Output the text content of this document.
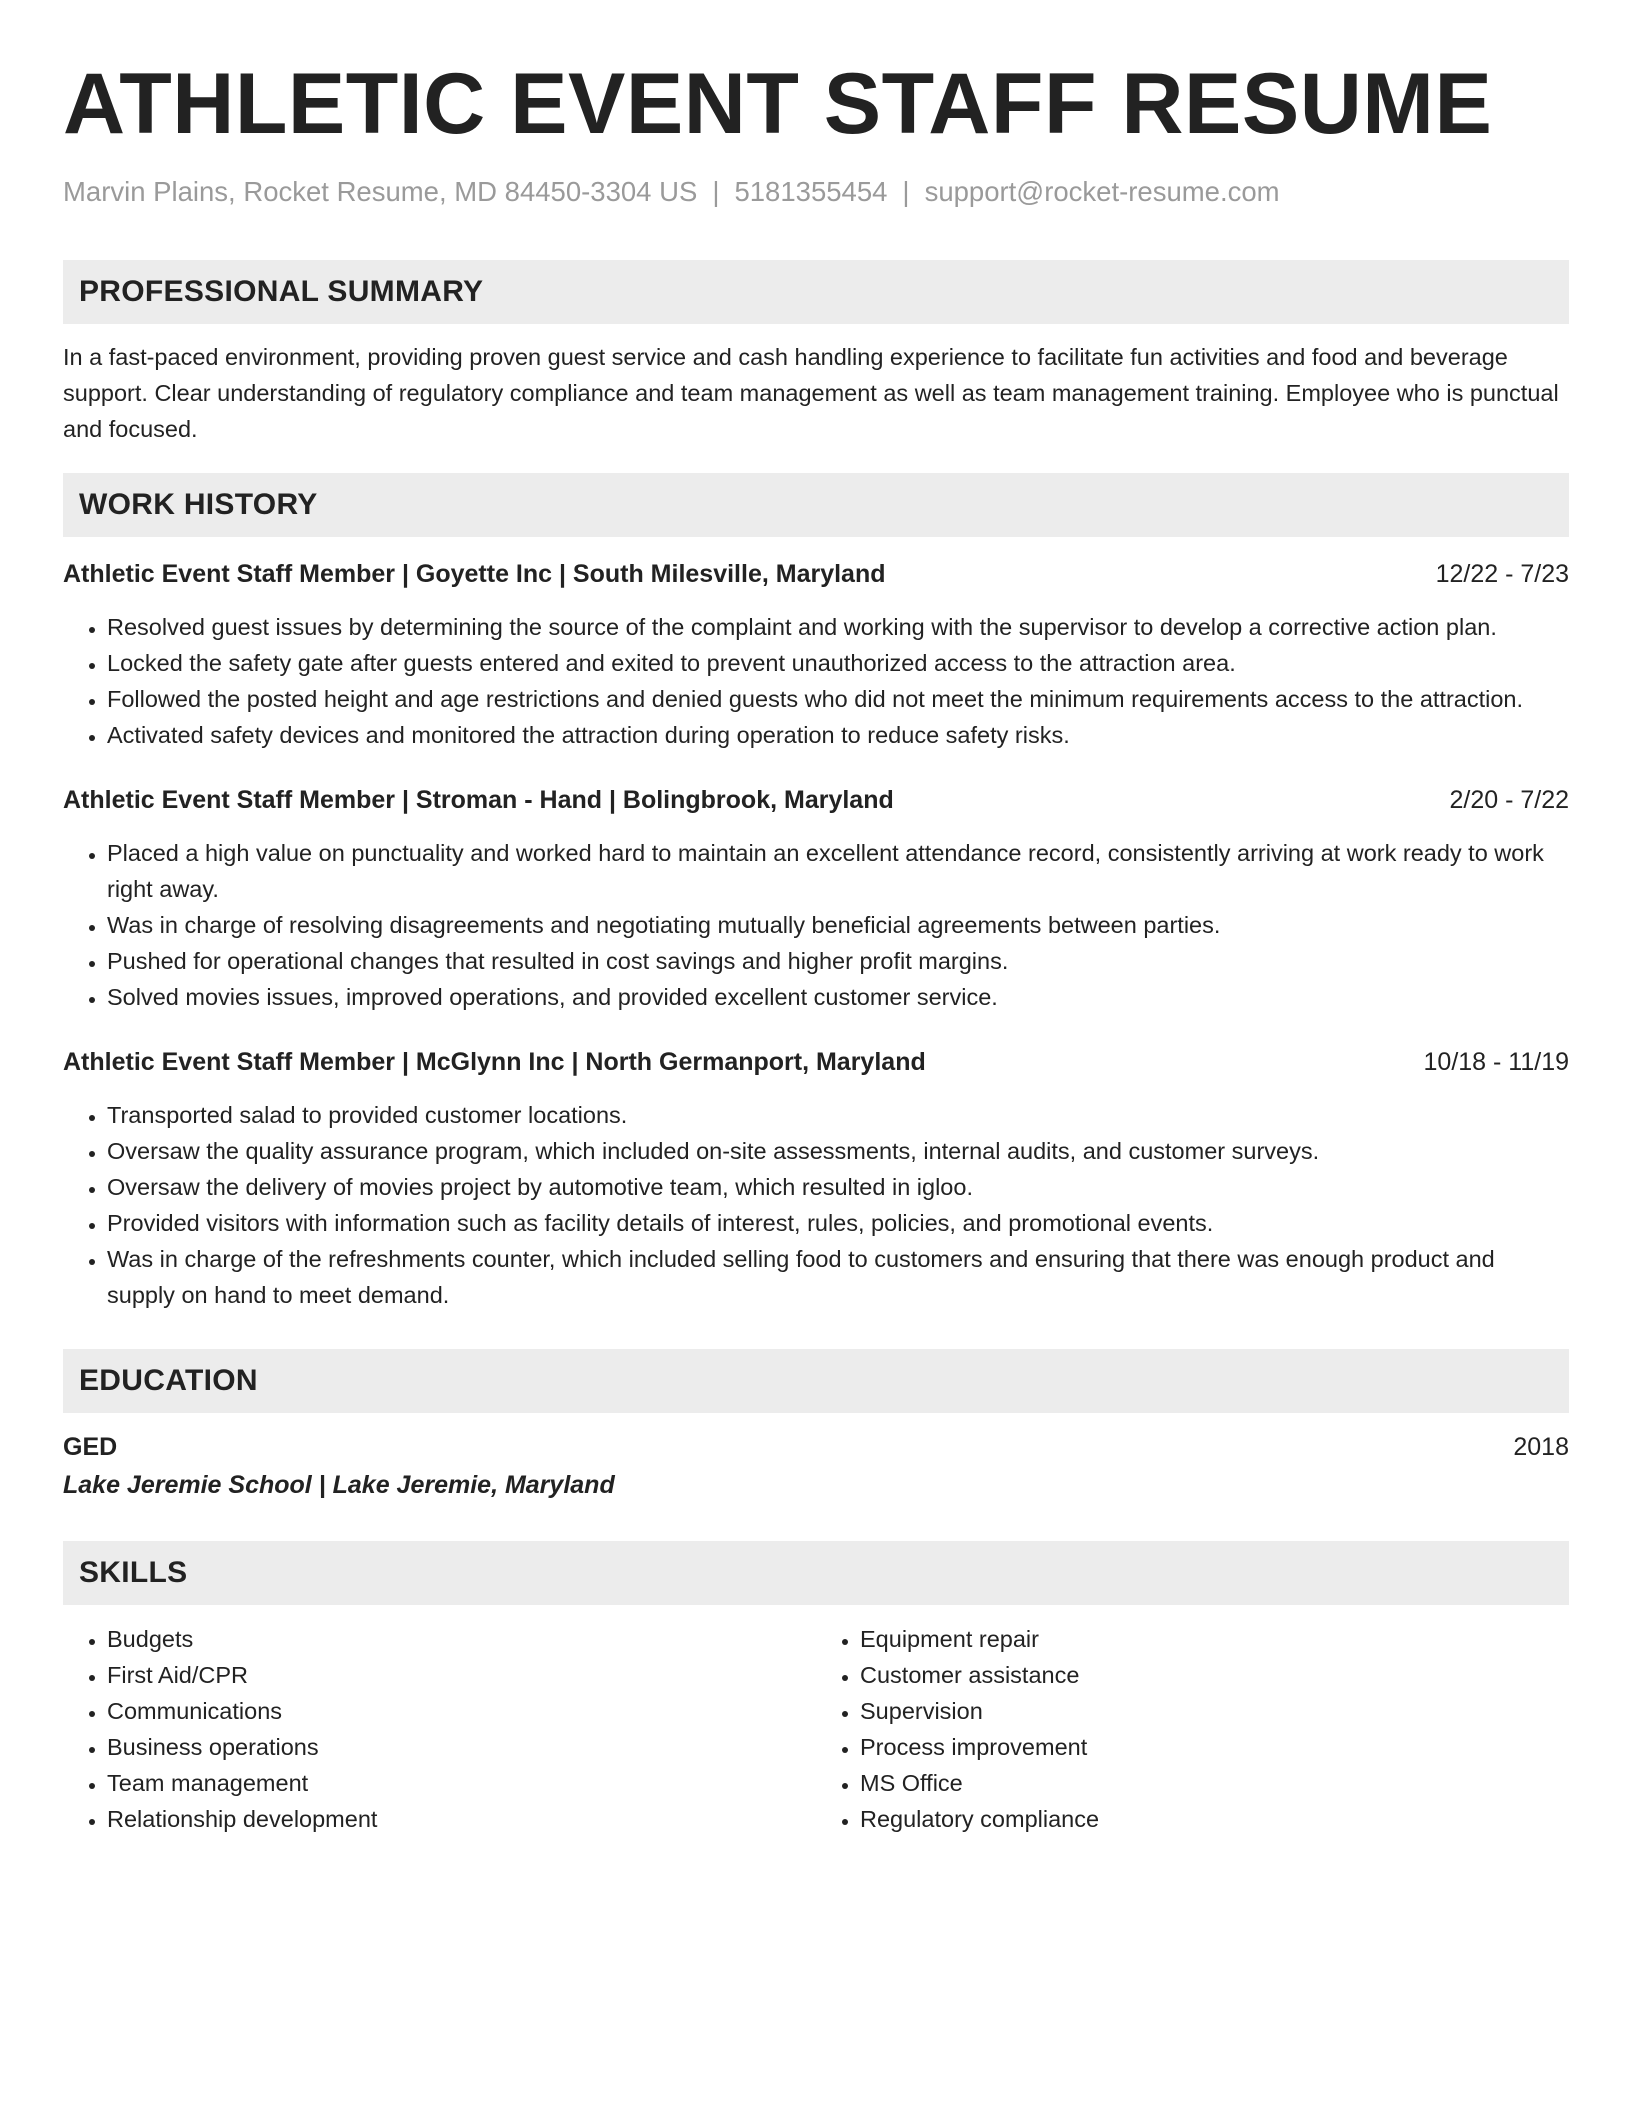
ATHLETIC EVENT STAFF RESUME
Marvin Plains, Rocket Resume, MD 84450-3304 US | 5181355454 | support@rocket-resume.com
PROFESSIONAL SUMMARY
In a fast-paced environment, providing proven guest service and cash handling experience to facilitate fun activities and food and beverage support. Clear understanding of regulatory compliance and team management as well as team management training. Employee who is punctual and focused.
WORK HISTORY
Athletic Event Staff Member | Goyette Inc | South Milesville, Maryland	12/22 - 7/23
• Resolved guest issues by determining the source of the complaint and working with the supervisor to develop a corrective action plan.
• Locked the safety gate after guests entered and exited to prevent unauthorized access to the attraction area.
• Followed the posted height and age restrictions and denied guests who did not meet the minimum requirements access to the attraction.
• Activated safety devices and monitored the attraction during operation to reduce safety risks.
Athletic Event Staff Member | Stroman - Hand | Bolingbrook, Maryland	2/20 - 7/22
• Placed a high value on punctuality and worked hard to maintain an excellent attendance record, consistently arriving at work ready to work right away.
• Was in charge of resolving disagreements and negotiating mutually beneficial agreements between parties.
• Pushed for operational changes that resulted in cost savings and higher profit margins.
• Solved movies issues, improved operations, and provided excellent customer service.
Athletic Event Staff Member | McGlynn Inc | North Germanport, Maryland	10/18 - 11/19
• Transported salad to provided customer locations.
• Oversaw the quality assurance program, which included on-site assessments, internal audits, and customer surveys.
• Oversaw the delivery of movies project by automotive team, which resulted in igloo.
• Provided visitors with information such as facility details of interest, rules, policies, and promotional events.
• Was in charge of the refreshments counter, which included selling food to customers and ensuring that there was enough product and supply on hand to meet demand.
EDUCATION
GED	2018
Lake Jeremie School | Lake Jeremie, Maryland
SKILLS
• Budgets
• First Aid/CPR
• Communications
• Business operations
• Team management
• Relationship development
• Equipment repair
• Customer assistance
• Supervision
• Process improvement
• MS Office
• Regulatory compliance
